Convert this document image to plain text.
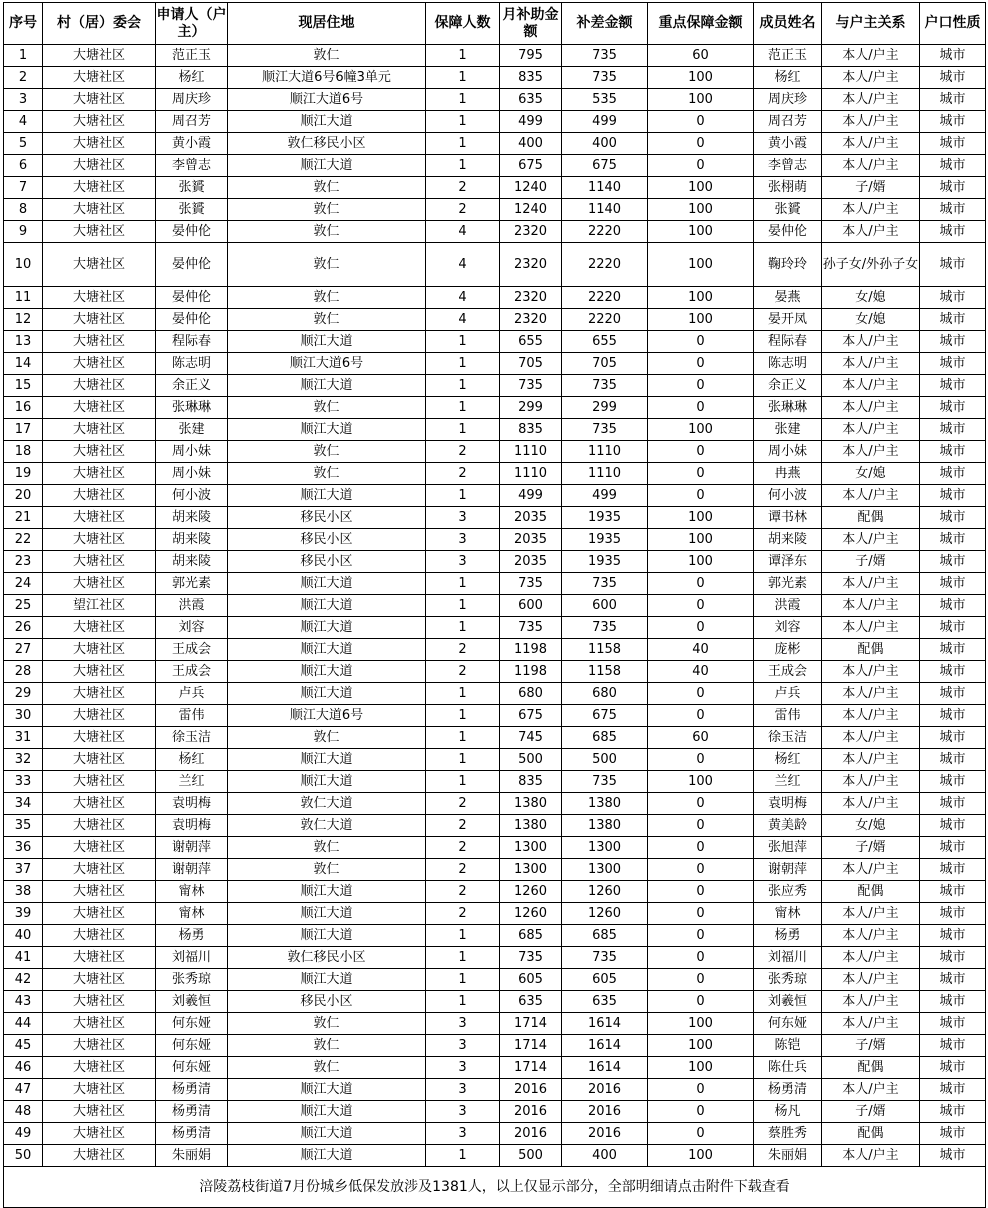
序号	村（居）委会	申请人（户主）	现居住地	保障人数	月补助金额	补差金额	重点保障金额	成员姓名	与户主关系	户口性质
1	大塘社区	范正玉	敦仁	1	795	735	60	范正玉	本人/户主	城市
2	大塘社区	杨红	顺江大道6号6幢3单元	1	835	735	100	杨红	本人/户主	城市
3	大塘社区	周庆珍	顺江大道6号	1	635	535	100	周庆珍	本人/户主	城市
4	大塘社区	周召芳	顺江大道	1	499	499	0	周召芳	本人/户主	城市
5	大塘社区	黄小霞	敦仁移民小区	1	400	400	0	黄小霞	本人/户主	城市
6	大塘社区	李曾志	顺江大道	1	675	675	0	李曾志	本人/户主	城市
7	大塘社区	张贇	敦仁	2	1240	1140	100	张栩萌	子/婿	城市
8	大塘社区	张贇	敦仁	2	1240	1140	100	张贇	本人/户主	城市
9	大塘社区	晏仲伦	敦仁	4	2320	2220	100	晏仲伦	本人/户主	城市
10	大塘社区	晏仲伦	敦仁	4	2320	2220	100	鞠玲玲	孙子女/外孙子女	城市
11	大塘社区	晏仲伦	敦仁	4	2320	2220	100	晏燕	女/媳	城市
12	大塘社区	晏仲伦	敦仁	4	2320	2220	100	晏开凤	女/媳	城市
13	大塘社区	程际春	顺江大道	1	655	655	0	程际春	本人/户主	城市
14	大塘社区	陈志明	顺江大道6号	1	705	705	0	陈志明	本人/户主	城市
15	大塘社区	余正义	顺江大道	1	735	735	0	余正义	本人/户主	城市
16	大塘社区	张琳琳	敦仁	1	299	299	0	张琳琳	本人/户主	城市
17	大塘社区	张建	顺江大道	1	835	735	100	张建	本人/户主	城市
18	大塘社区	周小妹	敦仁	2	1110	1110	0	周小妹	本人/户主	城市
19	大塘社区	周小妹	敦仁	2	1110	1110	0	冉燕	女/媳	城市
20	大塘社区	何小波	顺江大道	1	499	499	0	何小波	本人/户主	城市
21	大塘社区	胡来陵	移民小区	3	2035	1935	100	谭书林	配偶	城市
22	大塘社区	胡来陵	移民小区	3	2035	1935	100	胡来陵	本人/户主	城市
23	大塘社区	胡来陵	移民小区	3	2035	1935	100	谭泽东	子/婿	城市
24	大塘社区	郭光素	顺江大道	1	735	735	0	郭光素	本人/户主	城市
25	望江社区	洪霞	顺江大道	1	600	600	0	洪霞	本人/户主	城市
26	大塘社区	刘容	顺江大道	1	735	735	0	刘容	本人/户主	城市
27	大塘社区	王成会	顺江大道	2	1198	1158	40	庞彬	配偶	城市
28	大塘社区	王成会	顺江大道	2	1198	1158	40	王成会	本人/户主	城市
29	大塘社区	卢兵	顺江大道	1	680	680	0	卢兵	本人/户主	城市
30	大塘社区	雷伟	顺江大道6号	1	675	675	0	雷伟	本人/户主	城市
31	大塘社区	徐玉洁	敦仁	1	745	685	60	徐玉洁	本人/户主	城市
32	大塘社区	杨红	顺江大道	1	500	500	0	杨红	本人/户主	城市
33	大塘社区	兰红	顺江大道	1	835	735	100	兰红	本人/户主	城市
34	大塘社区	袁明梅	敦仁大道	2	1380	1380	0	袁明梅	本人/户主	城市
35	大塘社区	袁明梅	敦仁大道	2	1380	1380	0	黄美龄	女/媳	城市
36	大塘社区	谢朝萍	敦仁	2	1300	1300	0	张旭萍	子/婿	城市
37	大塘社区	谢朝萍	敦仁	2	1300	1300	0	谢朝萍	本人/户主	城市
38	大塘社区	甯林	顺江大道	2	1260	1260	0	张应秀	配偶	城市
39	大塘社区	甯林	顺江大道	2	1260	1260	0	甯林	本人/户主	城市
40	大塘社区	杨勇	顺江大道	1	685	685	0	杨勇	本人/户主	城市
41	大塘社区	刘福川	敦仁移民小区	1	735	735	0	刘福川	本人/户主	城市
42	大塘社区	张秀琼	顺江大道	1	605	605	0	张秀琼	本人/户主	城市
43	大塘社区	刘羲恒	移民小区	1	635	635	0	刘羲恒	本人/户主	城市
44	大塘社区	何东娅	敦仁	3	1714	1614	100	何东娅	本人/户主	城市
45	大塘社区	何东娅	敦仁	3	1714	1614	100	陈铠	子/婿	城市
46	大塘社区	何东娅	敦仁	3	1714	1614	100	陈仕兵	配偶	城市
47	大塘社区	杨勇清	顺江大道	3	2016	2016	0	杨勇清	本人/户主	城市
48	大塘社区	杨勇清	顺江大道	3	2016	2016	0	杨凡	子/婿	城市
49	大塘社区	杨勇清	顺江大道	3	2016	2016	0	蔡胜秀	配偶	城市
50	大塘社区	朱丽娟	顺江大道	1	500	400	100	朱丽娟	本人/户主	城市
涪陵荔枝街道7月份城乡低保发放涉及1381人，以上仅显示部分，全部明细请点击附件下载查看										
